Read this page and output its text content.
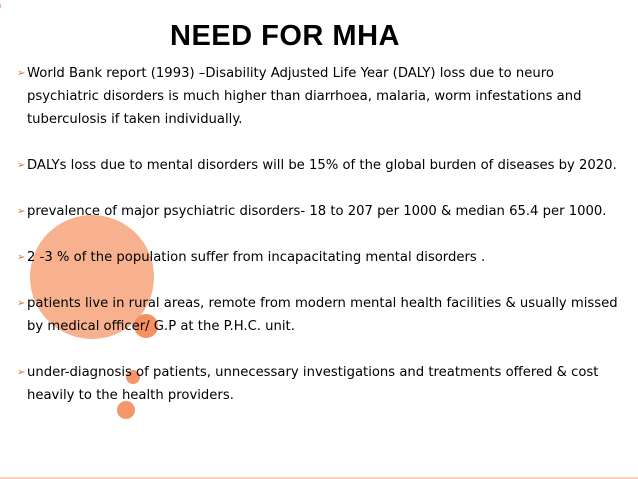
NEED FOR MHA
➢ World Bank report (1993) –Disability Adjusted Life Year (DALY) loss due to neuro psychiatric disorders is much higher than diarrhoea, malaria, worm infestations and tuberculosis if taken individually.
➢ DALYs loss due to mental disorders will be 15% of the global burden of diseases by 2020.
➢ prevalence of major psychiatric disorders- 18 to 207 per 1000 & median 65.4 per 1000.
➢ 2 -3 % of the population suffer from incapacitating mental disorders .
➢ patients live in rural areas, remote from modern mental health facilities & usually missed by medical officer/ G.P at the P.H.C. unit.
➢ under-diagnosis of patients, unnecessary investigations and treatments offered & cost heavily to the health providers.
